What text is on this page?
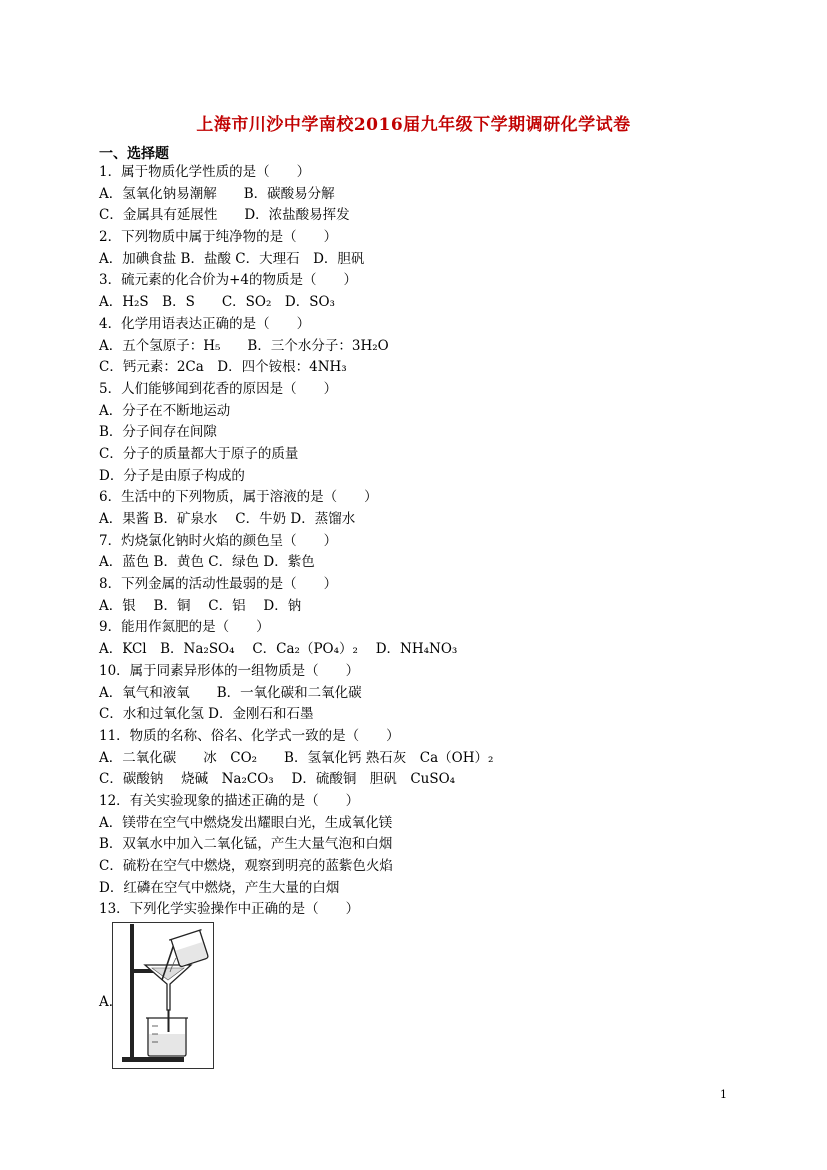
上海市川沙中学南校2016届九年级下学期调研化学试卷
一、选择题
1．属于物质化学性质的是（　　）
A．氢氧化钠易潮解　　B．碳酸易分解
C．金属具有延展性　　D．浓盐酸易挥发
2．下列物质中属于纯净物的是（　　）
A．加碘食盐 B．盐酸 C．大理石　D．胆矾
3．硫元素的化合价为+4的物质是（　　）
A．H₂S　B．S　　C．SO₂　D．SO₃
4．化学用语表达正确的是（　　）
A．五个氢原子：H₅　　B．三个水分子：3H₂O
C．钙元素：2Ca　D．四个铵根：4NH₃
5．人们能够闻到花香的原因是（　　）
A．分子在不断地运动
B．分子间存在间隙
C．分子的质量都大于原子的质量
D．分子是由原子构成的
6．生活中的下列物质，属于溶液的是（　　）
A．果酱 B．矿泉水　 C．牛奶 D．蒸馏水
7．灼烧氯化钠时火焰的颜色呈（　　）
A．蓝色 B．黄色 C．绿色 D．紫色
8．下列金属的活动性最弱的是（　　）
A．银　 B．铜　 C．铝　 D．钠
9．能用作氮肥的是（　　）
A．KCl　B．Na₂SO₄　 C．Ca₂（PO₄）₂　 D．NH₄NO₃
10．属于同素异形体的一组物质是（　　）
A．氧气和液氧　　B．一氧化碳和二氧化碳
C．水和过氧化氢 D．金刚石和石墨
11．物质的名称、俗名、化学式一致的是（　　）
A．二氧化碳　　冰　CO₂　　B．氢氧化钙 熟石灰　Ca（OH）₂
C．碳酸钠　 烧碱　Na₂CO₃　 D．硫酸铜　胆矾　CuSO₄
12．有关实验现象的描述正确的是（　　）
A．镁带在空气中燃烧发出耀眼白光，生成氧化镁
B．双氧水中加入二氧化锰，产生大量气泡和白烟
C．硫粉在空气中燃烧，观察到明亮的蓝紫色火焰
D．红磷在空气中燃烧，产生大量的白烟
13．下列化学实验操作中正确的是（　　）
A．
1
